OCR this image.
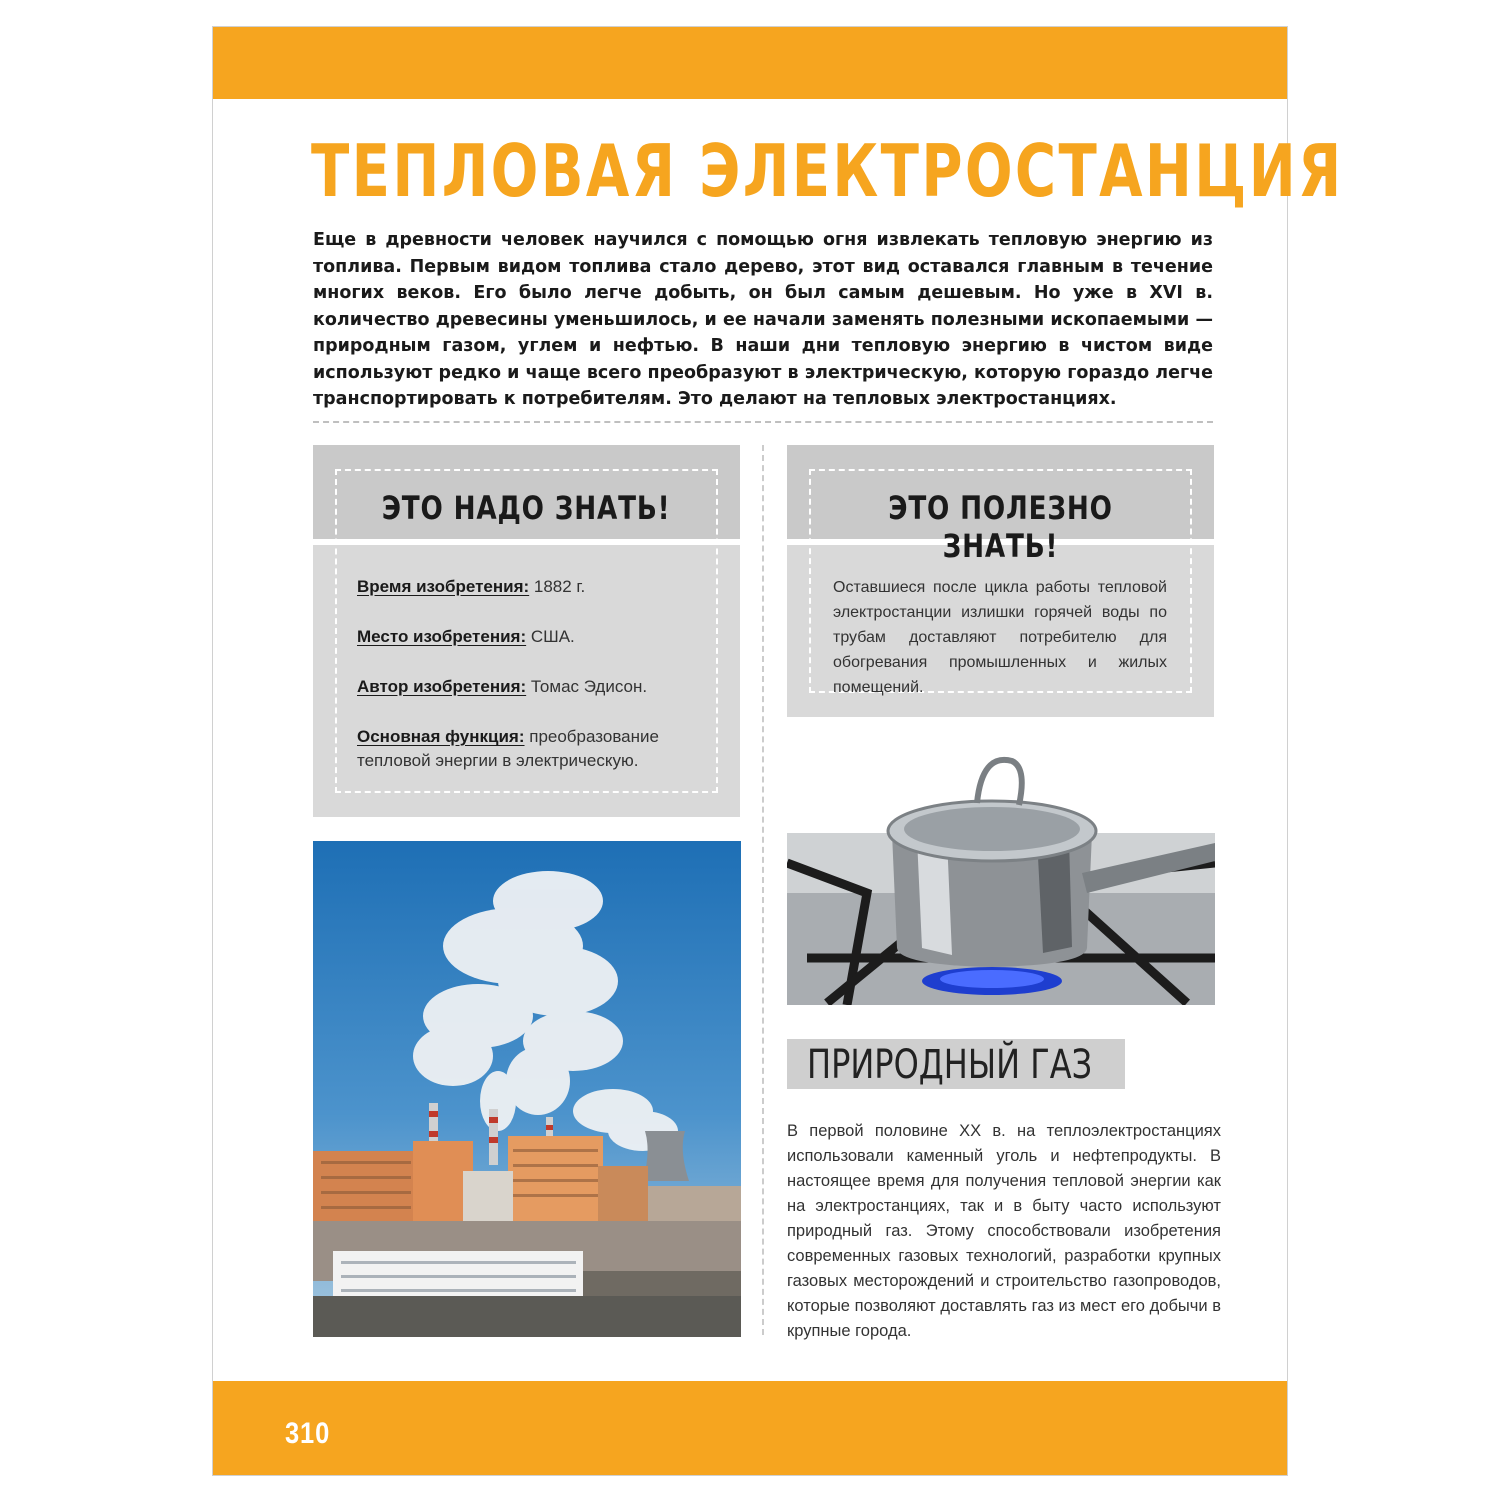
ТЕПЛОВАЯ ЭЛЕКТРОСТАНЦИЯ
Еще в древности человек научился с помощью огня извлекать тепловую энергию из топлива. Первым видом топлива стало дерево, этот вид оставался главным в течение многих веков. Его было легче добыть, он был самым дешевым. Но уже в XVI в. количество древесины уменьшилось, и ее начали заменять полезными ископаемыми — природным газом, углем и нефтью. В наши дни тепловую энергию в чистом виде используют редко и чаще всего преобразуют в электрическую, которую гораздо легче транспортировать к потребителям. Это делают на тепловых электростанциях.
ЭТО НАДО ЗНАТЬ!
Время изобретения: 1882 г.
Место изобретения: США.
Автор изобретения: Томас Эдисон.
Основная функция: преобразование тепловой энергии в электрическую.
ЭТО ПОЛЕЗНО ЗНАТЬ!
Оставшиеся после цикла работы тепловой электростанции излишки горячей воды по трубам доставляют потребителю для обогревания промышленных и жилых помещений.
ПРИРОДНЫЙ ГАЗ
В первой половине XX в. на теплоэлектростанциях использовали каменный уголь и нефтепродукты. В настоящее время для получения тепловой энергии как на электростанциях, так и в быту часто используют природный газ. Этому способствовали изобретения современных газовых технологий, разработки крупных газовых месторождений и строительство газопроводов, которые позволяют доставлять газ из мест его добычи в крупные города.
310
